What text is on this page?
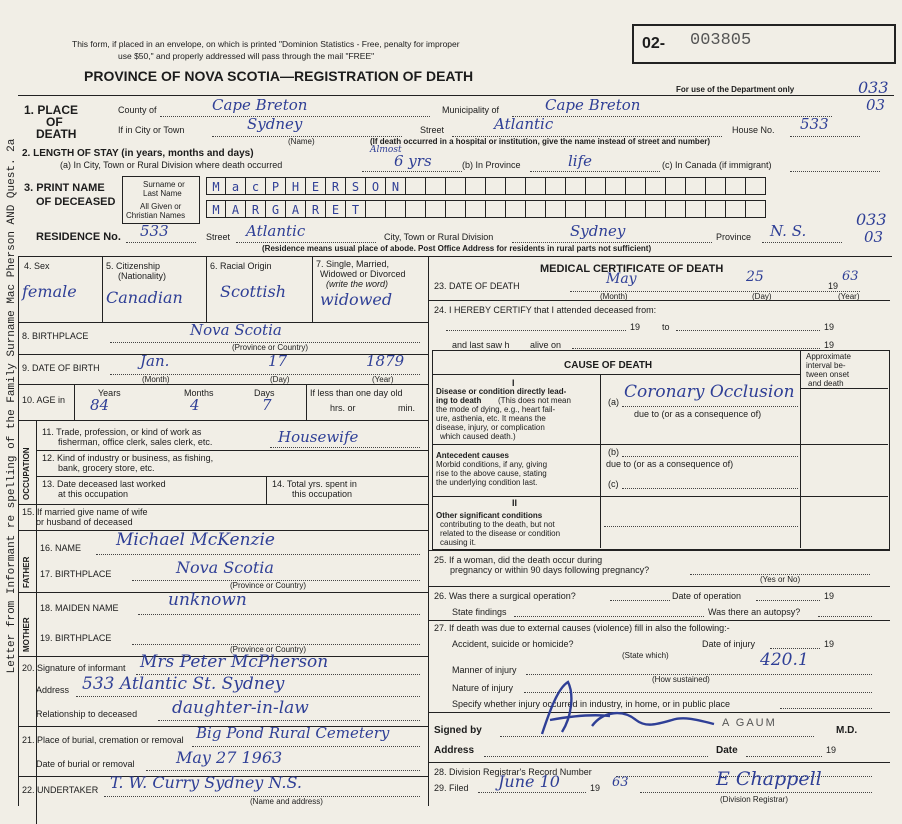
Letter from Informant re spelling of the Family Surname Mac Pherson AND Quest. 2a
This form, if placed in an envelope, on which is printed "Dominion Statistics - Free, penalty for improper
use $50," and properly addressed will pass through the mail "FREE"
PROVINCE OF NOVA SCOTIA—REGISTRATION OF DEATH
02- 003805
For use of the Department only	033
03
1. PLACE
OF
DEATH
County of	Cape Breton	Municipality of	Cape Breton
If in City or Town	Sydney
(Name)
Street	Atlantic	House No. 533
(If death occurred in a hospital or institution, give the name instead of street and number)
2. LENGTH OF STAY (in years, months and days)
(a) In City, Town or Rural Division where death occurred
Almost
6 yrs	(b) In Province	life	(c) In Canada (if immigrant)
3. PRINT NAME
OF DECEASED
Surname or
Last Name
All Given or
Christian Names
M	a	c	P	H	E	R	S	O	N
M	A	R	G	A	R	E	T
RESIDENCE No. 533	Street Atlantic	City, Town or Rural Division	Sydney	Province N. S.
033
03
(Residence means usual place of abode. Post Office Address for residents in rural parts not sufficient)
4. Sex
female
5. Citizenship
(Nationality)
Canadian
6. Racial Origin
Scottish
7. Single, Married,
Widowed or Divorced
(write the word)
widowed
8. BIRTHPLACE	Nova Scotia
(Province or Country)
9. DATE OF BIRTH	Jan.	17	1879
(Month)	(Day)	(Year)
10. AGE in
Years	Months	Days
84	4	7
If less than one day old
hrs. or	min.
OCCUPATION
11. Trade, profession, or kind of work as
fisherman, office clerk, sales clerk, etc.	Housewife
12. Kind of industry or business, as fishing,
bank, grocery store, etc.
13. Date deceased last worked
at this occupation
14. Total yrs. spent in
this occupation
15. If married give name of wife
or husband of deceased
FATHER
16. NAME Michael McKenzie
17. BIRTHPLACE	Nova Scotia
(Province or Country)
MOTHER
18. MAIDEN NAME	unknown
19. BIRTHPLACE
(Province or Country)
20. Signature of informant Mrs Peter McPherson
Address 533 Atlantic St. Sydney
Relationship to deceased daughter-in-law
21. Place of burial, cremation or removal Big Pond Rural Cemetery
Date of burial or removal	May 27 1963
22. UNDERTAKER T. W. Curry Sydney N.S.
(Name and address)
MEDICAL CERTIFICATE OF DEATH
23. DATE OF DEATH	May	25
19
63
(Month)	(Day)	(Year)
24. I HEREBY CERTIFY that I attended deceased from:
19 to	19
and last saw h alive on	19
CAUSE OF DEATH
Approximate
interval be-
tween onset
and death
I
Disease or condition directly lead-
ing to death (This does not mean
the mode of dying, e.g., heart fail-
ure, asthenia, etc. It means the
disease, injury, or complication
which caused death.)
(a) Coronary Occlusion
due to (or as a consequence of)
Antecedent causes
Morbid conditions, if any, giving
rise to the above cause, stating
the underlying condition last.
(b)
due to (or as a consequence of)
(c)
II
Other significant conditions
contributing to the death, but not
related to the disease or condition
causing it.
25. If a woman, did the death occur during
pregnancy or within 90 days following pregnancy?
(Yes or No)
26. Was there a surgical operation?	Date of operation	19
State findings	Was there an autopsy?
27. If death was due to external causes (violence) fill in also the following:-
Accident, suicide or homicide?	Date of injury	19
(State which)
Manner of injury	420.1
(How sustained)
Nature of injury
Specify whether injury occurred in industry, in home, or in public place
Signed by
A GAUM
M.D.
Address	Date	19
28. Division Registrar's Record Number
29. Filed June 10	19 63	E Chappell
(Division Registrar)
